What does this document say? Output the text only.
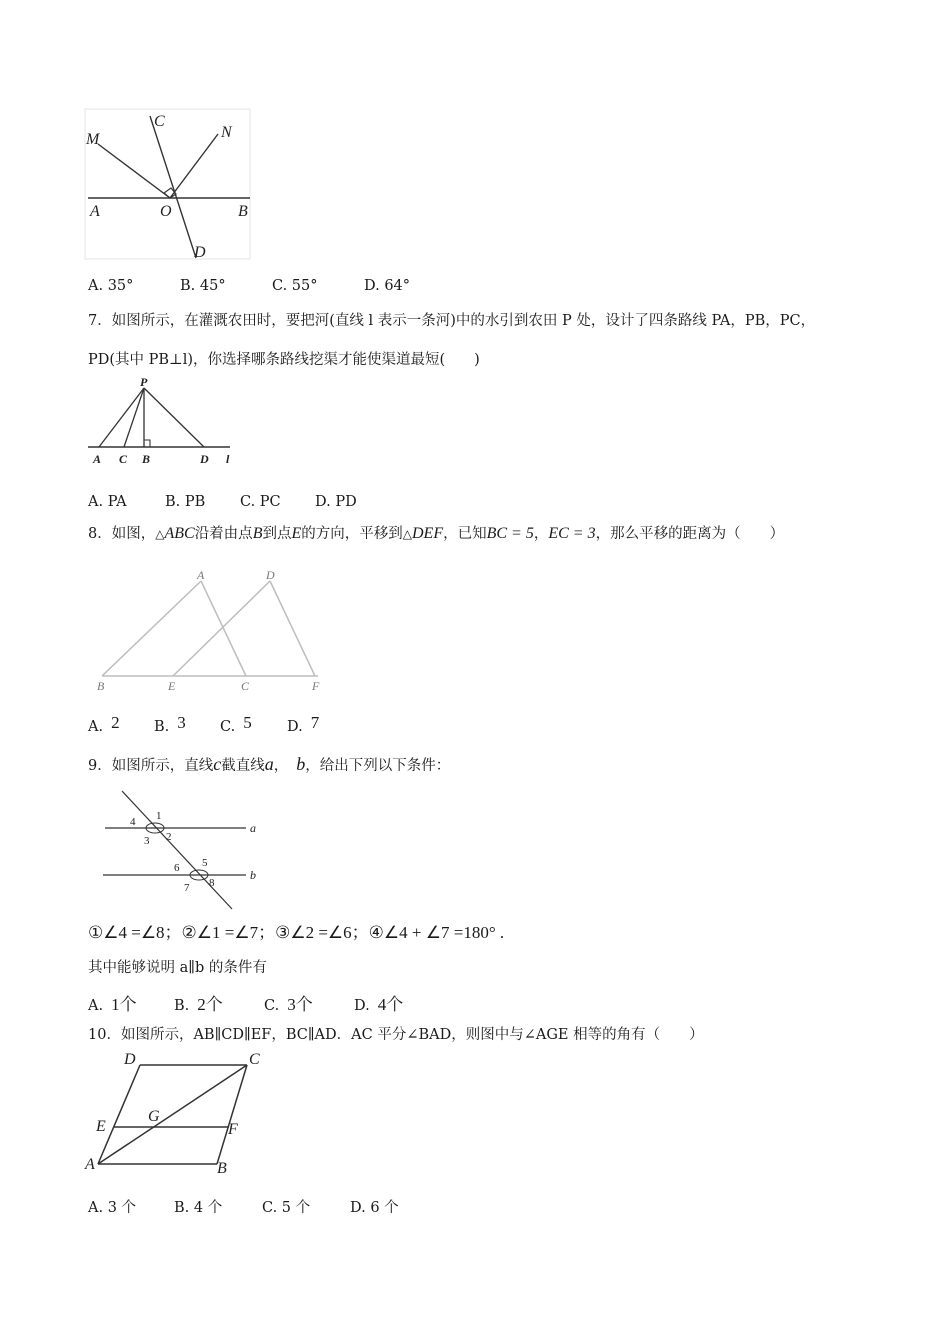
M
C
N
A	O	B
D
A. 35°	B. 45°	C. 55°	D. 64°
7．如图所示，在灌溉农田时，要把河(直线 l 表示一条河)中的水引到农田 P 处，设计了四条路线 PA，PB，PC，
PD(其中 PB⊥l)，你选择哪条路线挖渠才能使渠道最短(　　)
P
A C B	D l
A. PA	B. PB C. PC D. PD
8．如图，△ABC沿着由点B到点E的方向，平移到△DEF，已知BC = 5，EC = 3，那么平移的距离为（　　）
A	D
B	E	C	F
A. 2 B. 3 C. 5 D. 7
9．如图所示，直线c截直线a， b，给出下列以下条件：
1
4
2
3
5
6
8
7
a
b
①∠4 =∠8；②∠1 =∠7；③∠2 =∠6；④∠4 + ∠7 =180° .
其中能够说明 a∥b 的条件有
A. 1个	B. 2个	C. 3个	D. 4个
10．如图所示，AB∥CD∥EF，BC∥AD．AC 平分∠BAD，则图中与∠AGE 相等的角有（　　）
D	C
E
G
F
A	B
A. 3 个	B. 4 个	C. 5 个	D. 6 个
